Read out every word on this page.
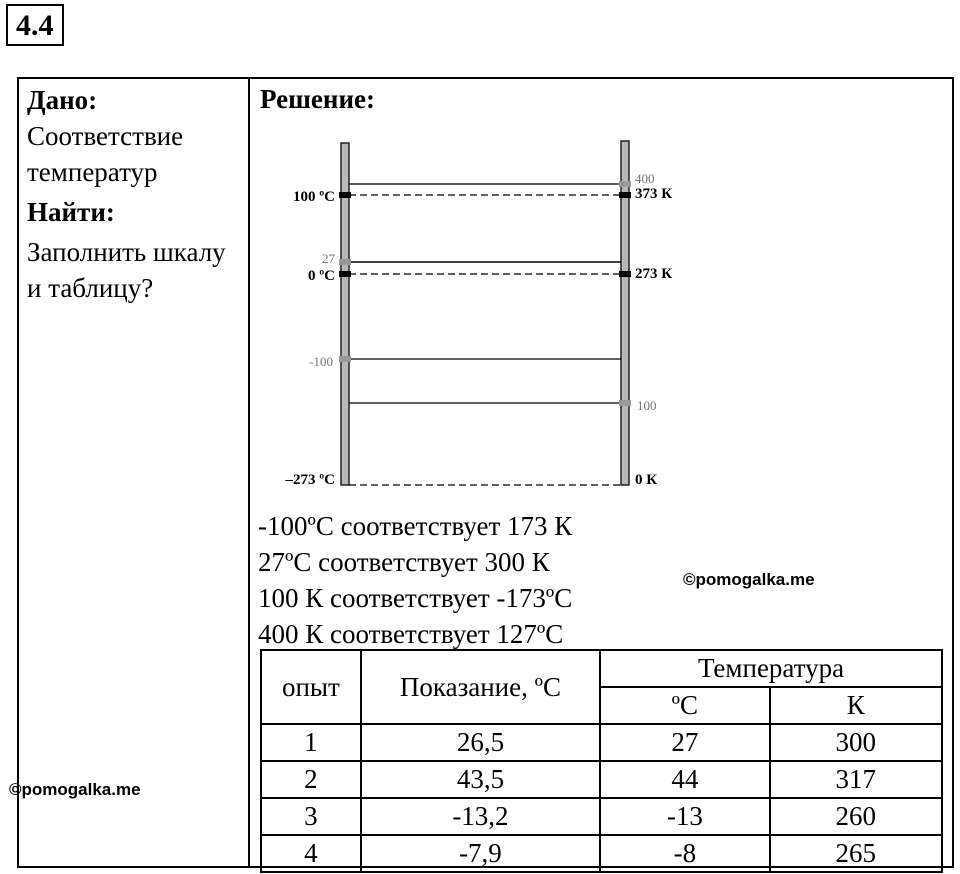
4.4

Дано:

Соответствие температур

Найти:

Заполнить шкалу и таблицу?

Решение:
100 ºС
0 ºС
–273 ºС
27
-100
373 К
273 К
0 К
400
100
-100ºС соответствует 173 К
27ºС соответствует 300 К
100 К соответствует -173ºС
400 К соответствует 127ºС
©pomogalka.me
©pomogalka.me
опыт	Показание, ºС	Температура	
		ºС	К
1	26,5	27	300
2	43,5	44	317
3	-13,2	-13	260
4	-7,9	-8	265
